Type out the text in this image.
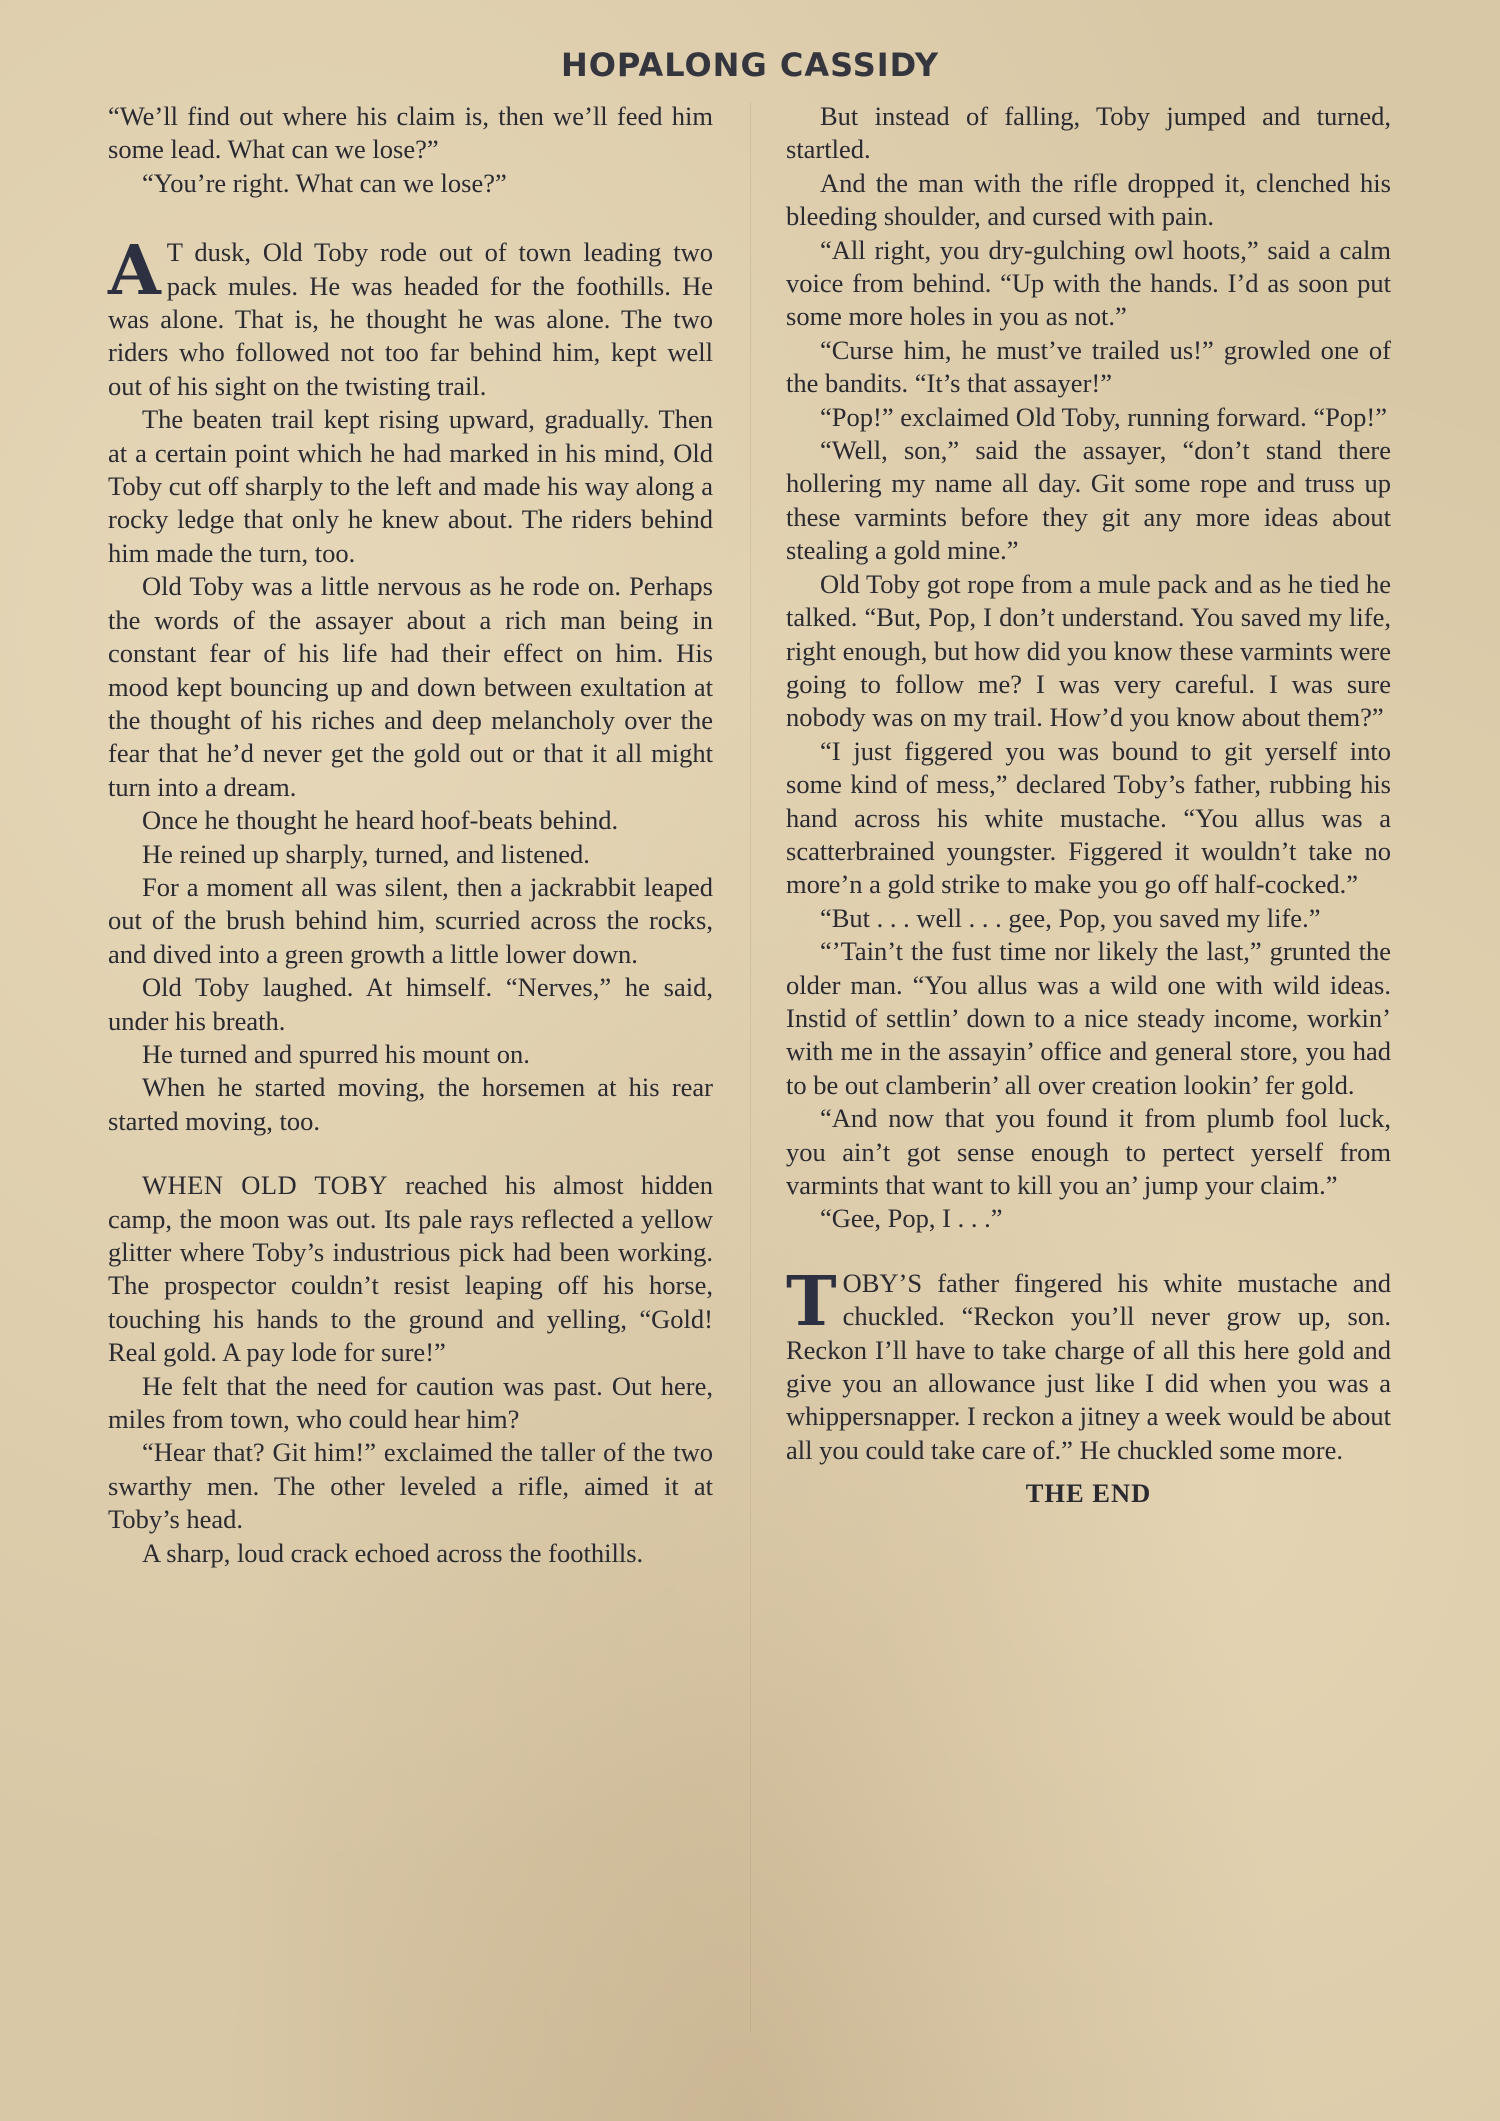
HOPALONG CASSIDY

“We’ll find out where his claim is, then we’ll feed him some lead. What can we lose?”

“You’re right. What can we lose?”

A T dusk, Old Toby rode out of town leading two pack mules. He was headed for the foothills. He was alone. That is, he thought he was alone. The two riders who followed not too far behind him, kept well out of his sight on the twisting trail.

The beaten trail kept rising upward, gradually. Then at a certain point which he had marked in his mind, Old Toby cut off sharply to the left and made his way along a rocky ledge that only he knew about. The riders behind him made the turn, too.

Old Toby was a little nervous as he rode on. Perhaps the words of the assayer about a rich man being in constant fear of his life had their effect on him. His mood kept bouncing up and down between exultation at the thought of his riches and deep melancholy over the fear that he’d never get the gold out or that it all might turn into a dream.

Once he thought he heard hoof-beats behind.

He reined up sharply, turned, and listened.

For a moment all was silent, then a jackrabbit leaped out of the brush behind him, scurried across the rocks, and dived into a green growth a little lower down.

Old Toby laughed. At himself. “Nerves,” he said, under his breath.

He turned and spurred his mount on.

When he started moving, the horsemen at his rear started moving, too.

WHEN OLD TOBY reached his almost hidden camp, the moon was out. Its pale rays reflected a yellow glitter where Toby’s industrious pick had been working. The prospector couldn’t resist leaping off his horse, touching his hands to the ground and yelling, “Gold! Real gold. A pay lode for sure!”

He felt that the need for caution was past. Out here, miles from town, who could hear him?

“Hear that? Git him!” exclaimed the taller of the two swarthy men. The other leveled a rifle, aimed it at Toby’s head.

A sharp, loud crack echoed across the foothills.

But instead of falling, Toby jumped and turned, startled.

And the man with the rifle dropped it, clenched his bleeding shoulder, and cursed with pain.

“All right, you dry-gulching owl hoots,” said a calm voice from behind. “Up with the hands. I’d as soon put some more holes in you as not.”

“Curse him, he must’ve trailed us!” growled one of the bandits. “It’s that assayer!”

“Pop!” exclaimed Old Toby, running forward. “Pop!”

“Well, son,” said the assayer, “don’t stand there hollering my name all day. Git some rope and truss up these varmints before they git any more ideas about stealing a gold mine.”

Old Toby got rope from a mule pack and as he tied he talked. “But, Pop, I don’t understand. You saved my life, right enough, but how did you know these varmints were going to follow me? I was very careful. I was sure nobody was on my trail. How’d you know about them?”

“I just figgered you was bound to git yerself into some kind of mess,” declared Toby’s father, rubbing his hand across his white mustache. “You allus was a scatterbrained youngster. Figgered it wouldn’t take no more’n a gold strike to make you go off half-cocked.”

“But . . . well . . . gee, Pop, you saved my life.”

“’Tain’t the fust time nor likely the last,” grunted the older man. “You allus was a wild one with wild ideas. Instid of settlin’ down to a nice steady income, workin’ with me in the assayin’ office and general store, you had to be out clamberin’ all over creation lookin’ fer gold.

“And now that you found it from plumb fool luck, you ain’t got sense enough to pertect yerself from varmints that want to kill you an’ jump your claim.”

“Gee, Pop, I . . .”

TOBY’S father fingered his white mustache and chuckled. “Reckon you’ll never grow up, son. Reckon I’ll have to take charge of all this here gold and give you an allowance just like I did when you was a whippersnapper. I reckon a jitney a week would be about all you could take care of.” He chuckled some more.

THE END
